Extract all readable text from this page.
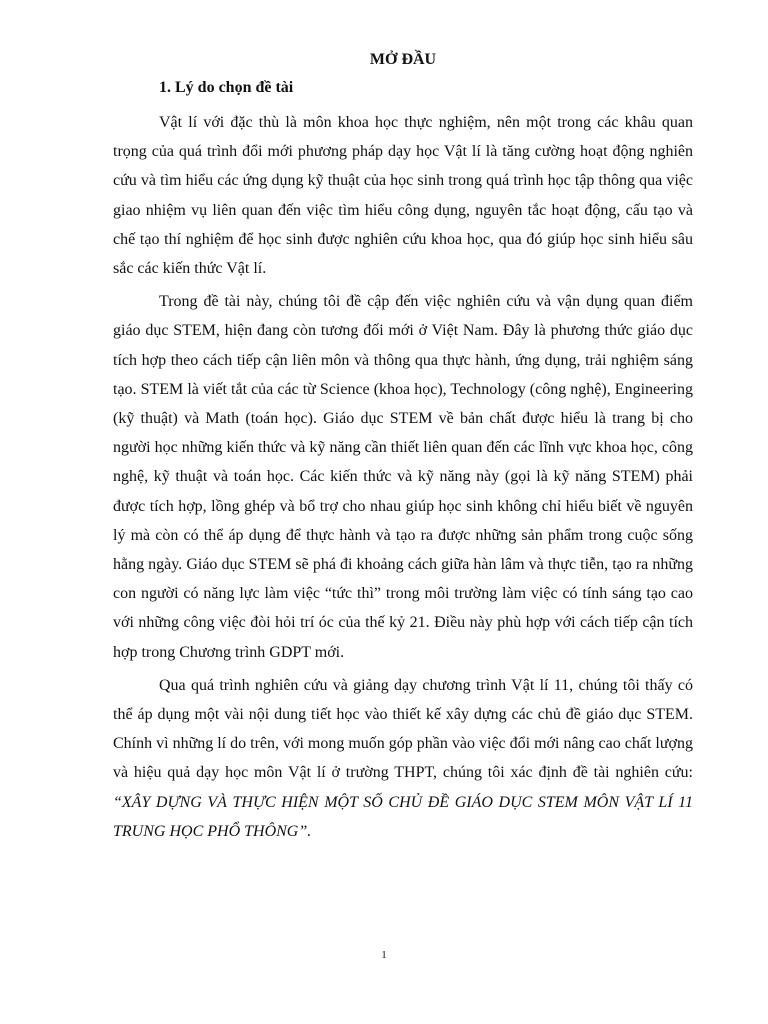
MỞ ĐẦU
1. Lý do chọn đề tài

Vật lí với đặc thù là môn khoa học thực nghiệm, nên một trong các khâu quan trọng của quá trình đổi mới phương pháp dạy học Vật lí là tăng cường hoạt động nghiên cứu và tìm hiểu các ứng dụng kỹ thuật của học sinh trong quá trình học tập thông qua việc giao nhiệm vụ liên quan đến việc tìm hiểu công dụng, nguyên tắc hoạt động, cấu tạo và chế tạo thí nghiệm để học sinh được nghiên cứu khoa học, qua đó giúp học sinh hiểu sâu sắc các kiến thức Vật lí.

Trong đề tài này, chúng tôi đề cập đến việc nghiên cứu và vận dụng quan điểm giáo dục STEM, hiện đang còn tương đối mới ở Việt Nam. Đây là phương thức giáo dục tích hợp theo cách tiếp cận liên môn và thông qua thực hành, ứng dụng, trải nghiệm sáng tạo. STEM là viết tắt của các từ Science (khoa học), Technology (công nghệ), Engineering (kỹ thuật) và Math (toán học). Giáo dục STEM về bản chất được hiểu là trang bị cho người học những kiến thức và kỹ năng cần thiết liên quan đến các lĩnh vực khoa học, công nghệ, kỹ thuật và toán học. Các kiến thức và kỹ năng này (gọi là kỹ năng STEM) phải được tích hợp, lồng ghép và bổ trợ cho nhau giúp học sinh không chỉ hiểu biết về nguyên lý mà còn có thể áp dụng để thực hành và tạo ra được những sản phẩm trong cuộc sống hằng ngày. Giáo dục STEM sẽ phá đi khoảng cách giữa hàn lâm và thực tiễn, tạo ra những con người có năng lực làm việc “tức thì” trong môi trường làm việc có tính sáng tạo cao với những công việc đòi hỏi trí óc của thế kỷ 21. Điều này phù hợp với cách tiếp cận tích hợp trong Chương trình GDPT mới.

Qua quá trình nghiên cứu và giảng dạy chương trình Vật lí 11, chúng tôi thấy có thể áp dụng một vài nội dung tiết học vào thiết kế xây dựng các chủ đề giáo dục STEM. Chính vì những lí do trên, với mong muốn góp phần vào việc đổi mới nâng cao chất lượng và hiệu quả dạy học môn Vật lí ở trường THPT, chúng tôi xác định đề tài nghiên cứu: “XÂY DỰNG VÀ THỰC HIỆN MỘT SỐ CHỦ ĐỀ GIÁO DỤC STEM MÔN VẬT LÍ 11 TRUNG HỌC PHỔ THÔNG”.

1
